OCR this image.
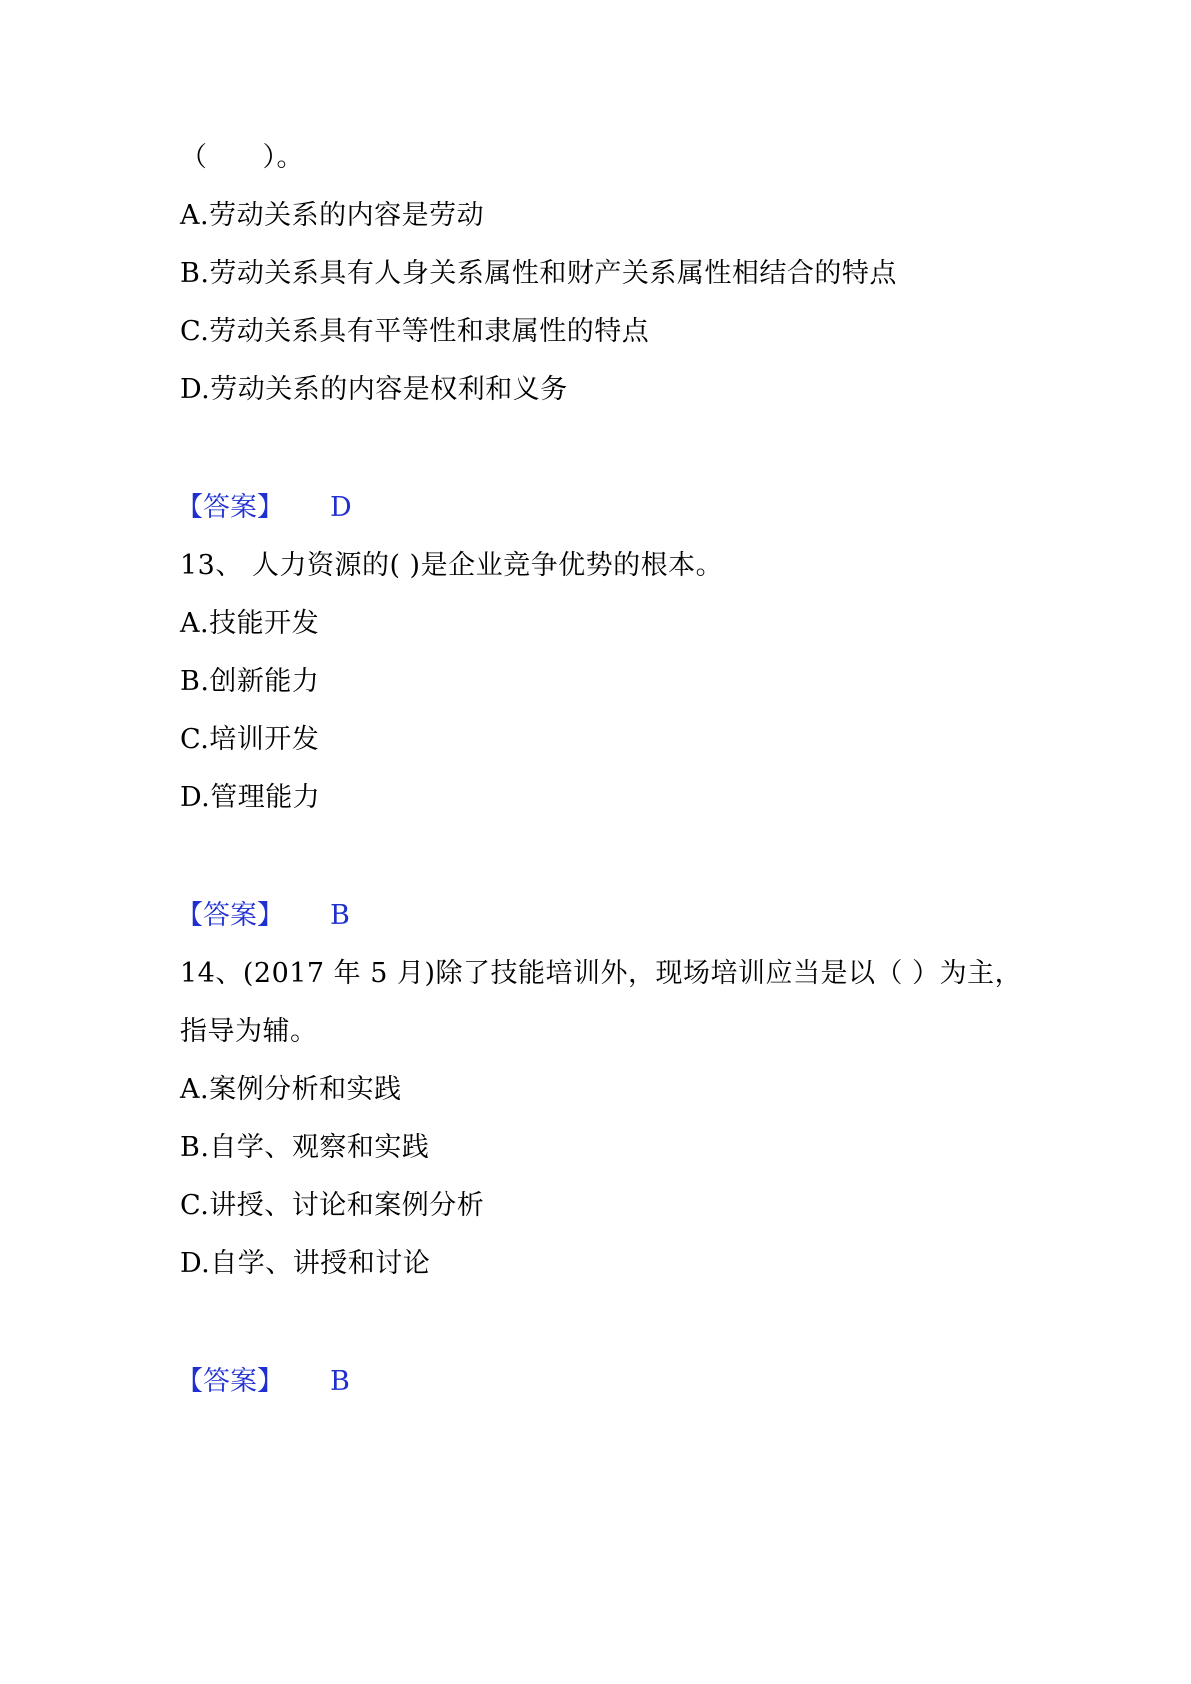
（　　）。
A.劳动关系的内容是劳动
B.劳动关系具有人身关系属性和财产关系属性相结合的特点
C.劳动关系具有平等性和隶属性的特点
D.劳动关系的内容是权利和义务
【答案】 D
13、 人力资源的( )是企业竞争优势的根本。
A.技能开发
B.创新能力
C.培训开发
D.管理能力
【答案】 B
14、(2017 年 5 月)除了技能培训外，现场培训应当是以（ ）为主，
指导为辅。
A.案例分析和实践
B.自学、观察和实践
C.讲授、讨论和案例分析
D.自学、讲授和讨论
【答案】 B
